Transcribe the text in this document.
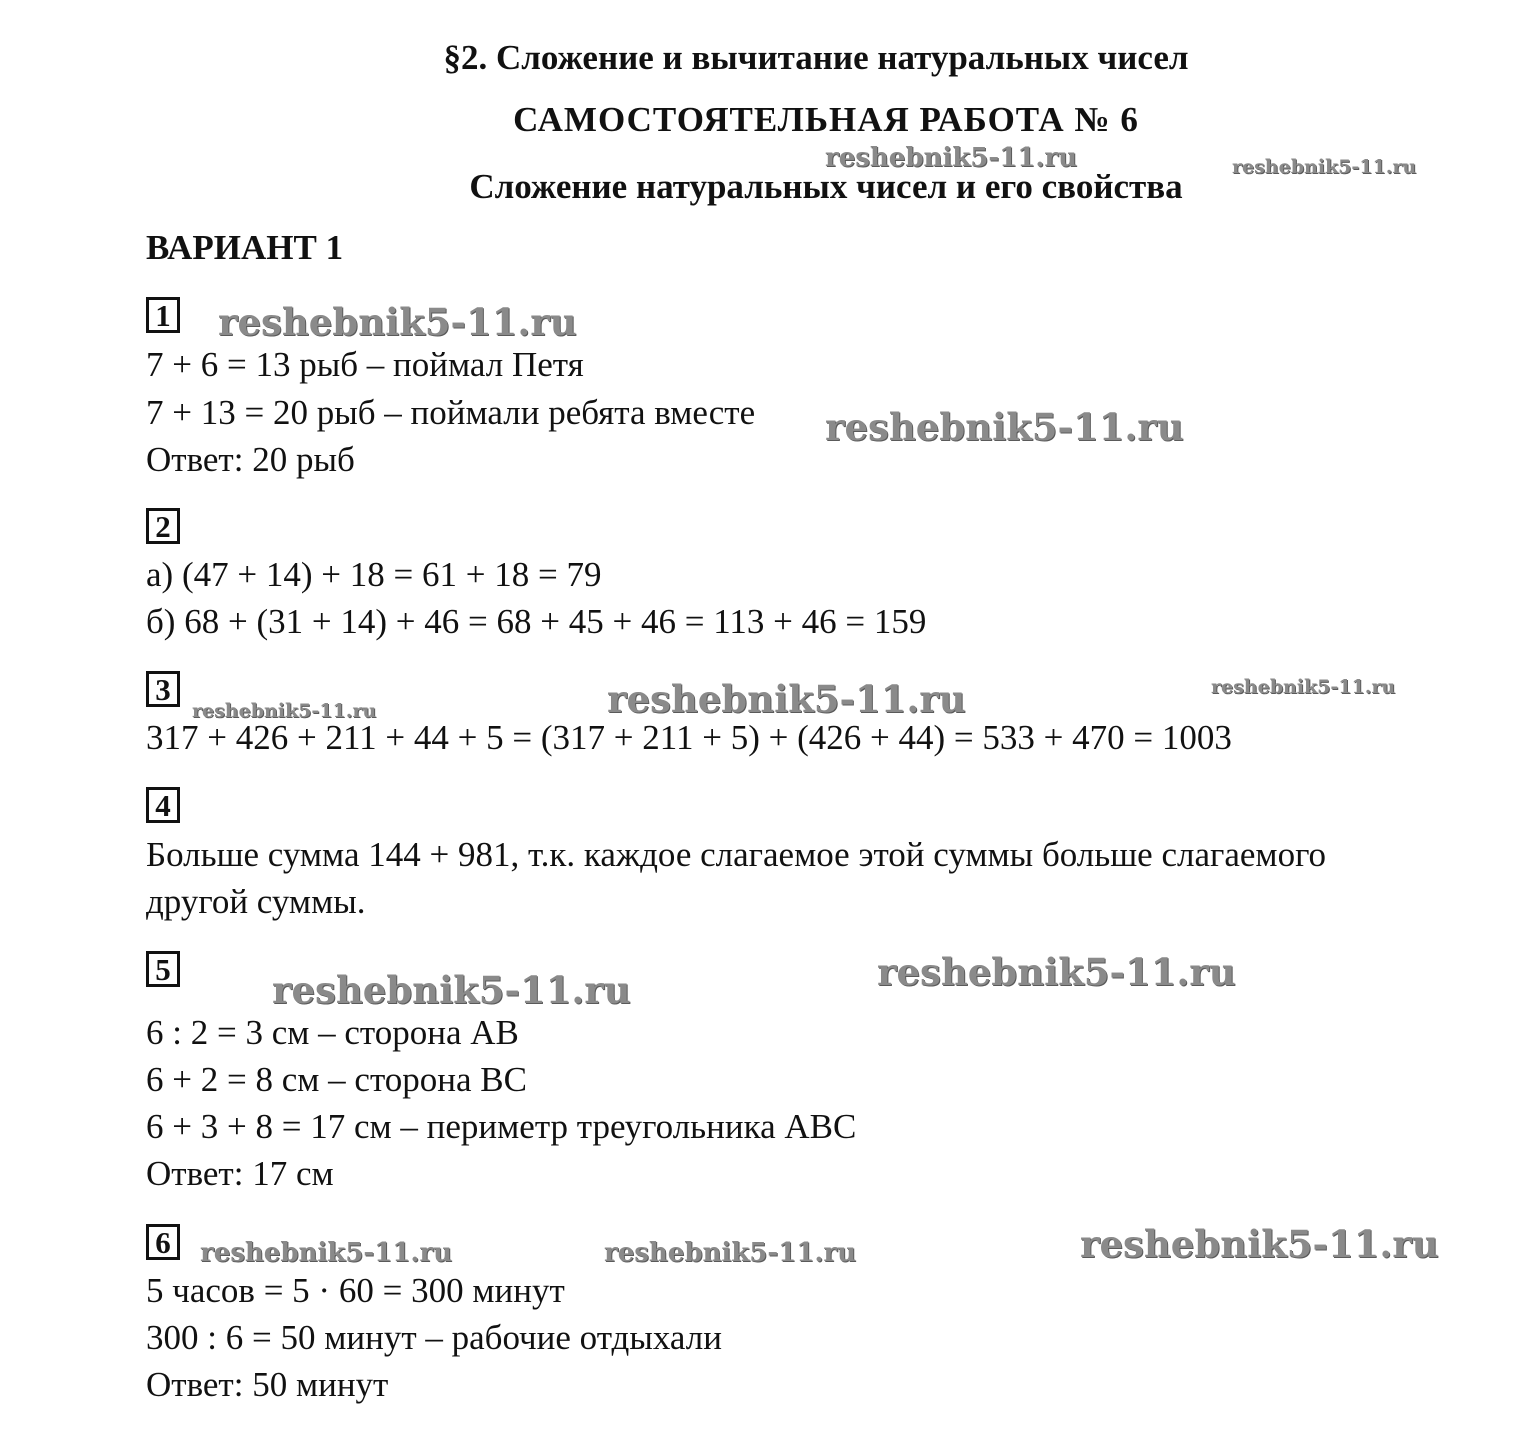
§2. Сложение и вычитание натуральных чисел
САМОСТОЯТЕЛЬНАЯ РАБОТА № 6
Сложение натуральных чисел и его свойства
ВАРИАНТ 1
1
7 + 6 = 13 рыб – поймал Петя
7 + 13 = 20 рыб – поймали ребята вместе
Ответ: 20 рыб
2
а) (47 + 14) + 18 = 61 + 18 = 79
б) 68 + (31 + 14) + 46 = 68 + 45 + 46 = 113 + 46 = 159
3
317 + 426 + 211 + 44 + 5 = (317 + 211 + 5) + (426 + 44) = 533 + 470 = 1003
4
Больше сумма 144 + 981, т.к. каждое слагаемое этой суммы больше слагаемого
другой суммы.
5
6 : 2 = 3 см – сторона АВ
6 + 2 = 8 см – сторона ВС
6 + 3 + 8 = 17 см – периметр треугольника АВС
Ответ: 17 см
6
5 часов = 5 · 60 = 300 минут
300 : 6 = 50 минут – рабочие отдыхали
Ответ: 50 минут
reshebnik5-11.ru	reshebnik5-11.ru
reshebnik5-11.ru
reshebnik5-11.ru
reshebnik5-11.ru	reshebnik5-11.ru	reshebnik5-11.ru
reshebnik5-11.ru
reshebnik5-11.ru
reshebnik5-11.ru	reshebnik5-11.ru	reshebnik5-11.ru
